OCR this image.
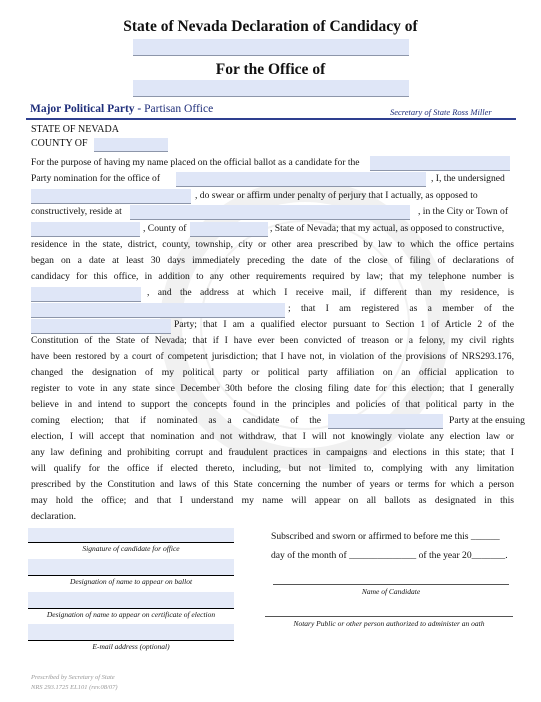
State of Nevada Declaration of Candidacy of
For the Office of
Major Political Party - Partisan Office	Secretary of State Ross Miller
STATE OF NEVADA
COUNTY OF
For the purpose of having my name placed on the official ballot as a candidate for the
Party nomination for the office of	, I, the undersigned
, do swear or affirm under penalty of perjury that I actually, as opposed to
constructively, reside at	, in the City or Town of
, County of	, State of Nevada; that my actual, as opposed to constructive,
residence in the state, district, county, township, city or other area prescribed by law to which the office pertains
began on a date at least 30 days immediately preceding the date of the close of filing of declarations of
candidacy for this office, in addition to any other requirements required by law; that my telephone number is
, and the address at which I receive mail, if different than my residence, is
; that I am registered as a member of the
Party; that I am a qualified elector pursuant to Section 1 of Article 2 of the
Constitution of the State of Nevada; that if I have ever been convicted of treason or a felony, my civil rights
have been restored by a court of competent jurisdiction; that I have not, in violation of the provisions of NRS293.176,
changed the designation of my political party or political party affiliation on an official application to
register to vote in any state since December 30th before the closing filing date for this election; that I generally
believe in and intend to support the concepts found in the principles and policies of that political party in the
coming election; that if nominated as a candidate of the	Party at the ensuing
election, I will accept that nomination and not withdraw, that I will not knowingly violate any election law or
any law defining and prohibiting corrupt and fraudulent practices in campaigns and elections in this state; that I
will qualify for the office if elected thereto, including, but not limited to, complying with any limitation
prescribed by the Constitution and laws of this State concerning the number of years or terms for which a person
may hold the office; and that I understand my name will appear on all ballots as designated in this
declaration.
Signature of candidate for office
Designation of name to appear on ballot
Designation of name to appear on certificate of election
E-mail address (optional)
Subscribed and sworn or affirmed to before me this ______
day of the month of ______________ of the year 20_______.
Name of Candidate
Notary Public or other person authorized to administer an oath
Prescribed by Secretary of State
NRS 293.1725 EL101 (rev.08/07)
